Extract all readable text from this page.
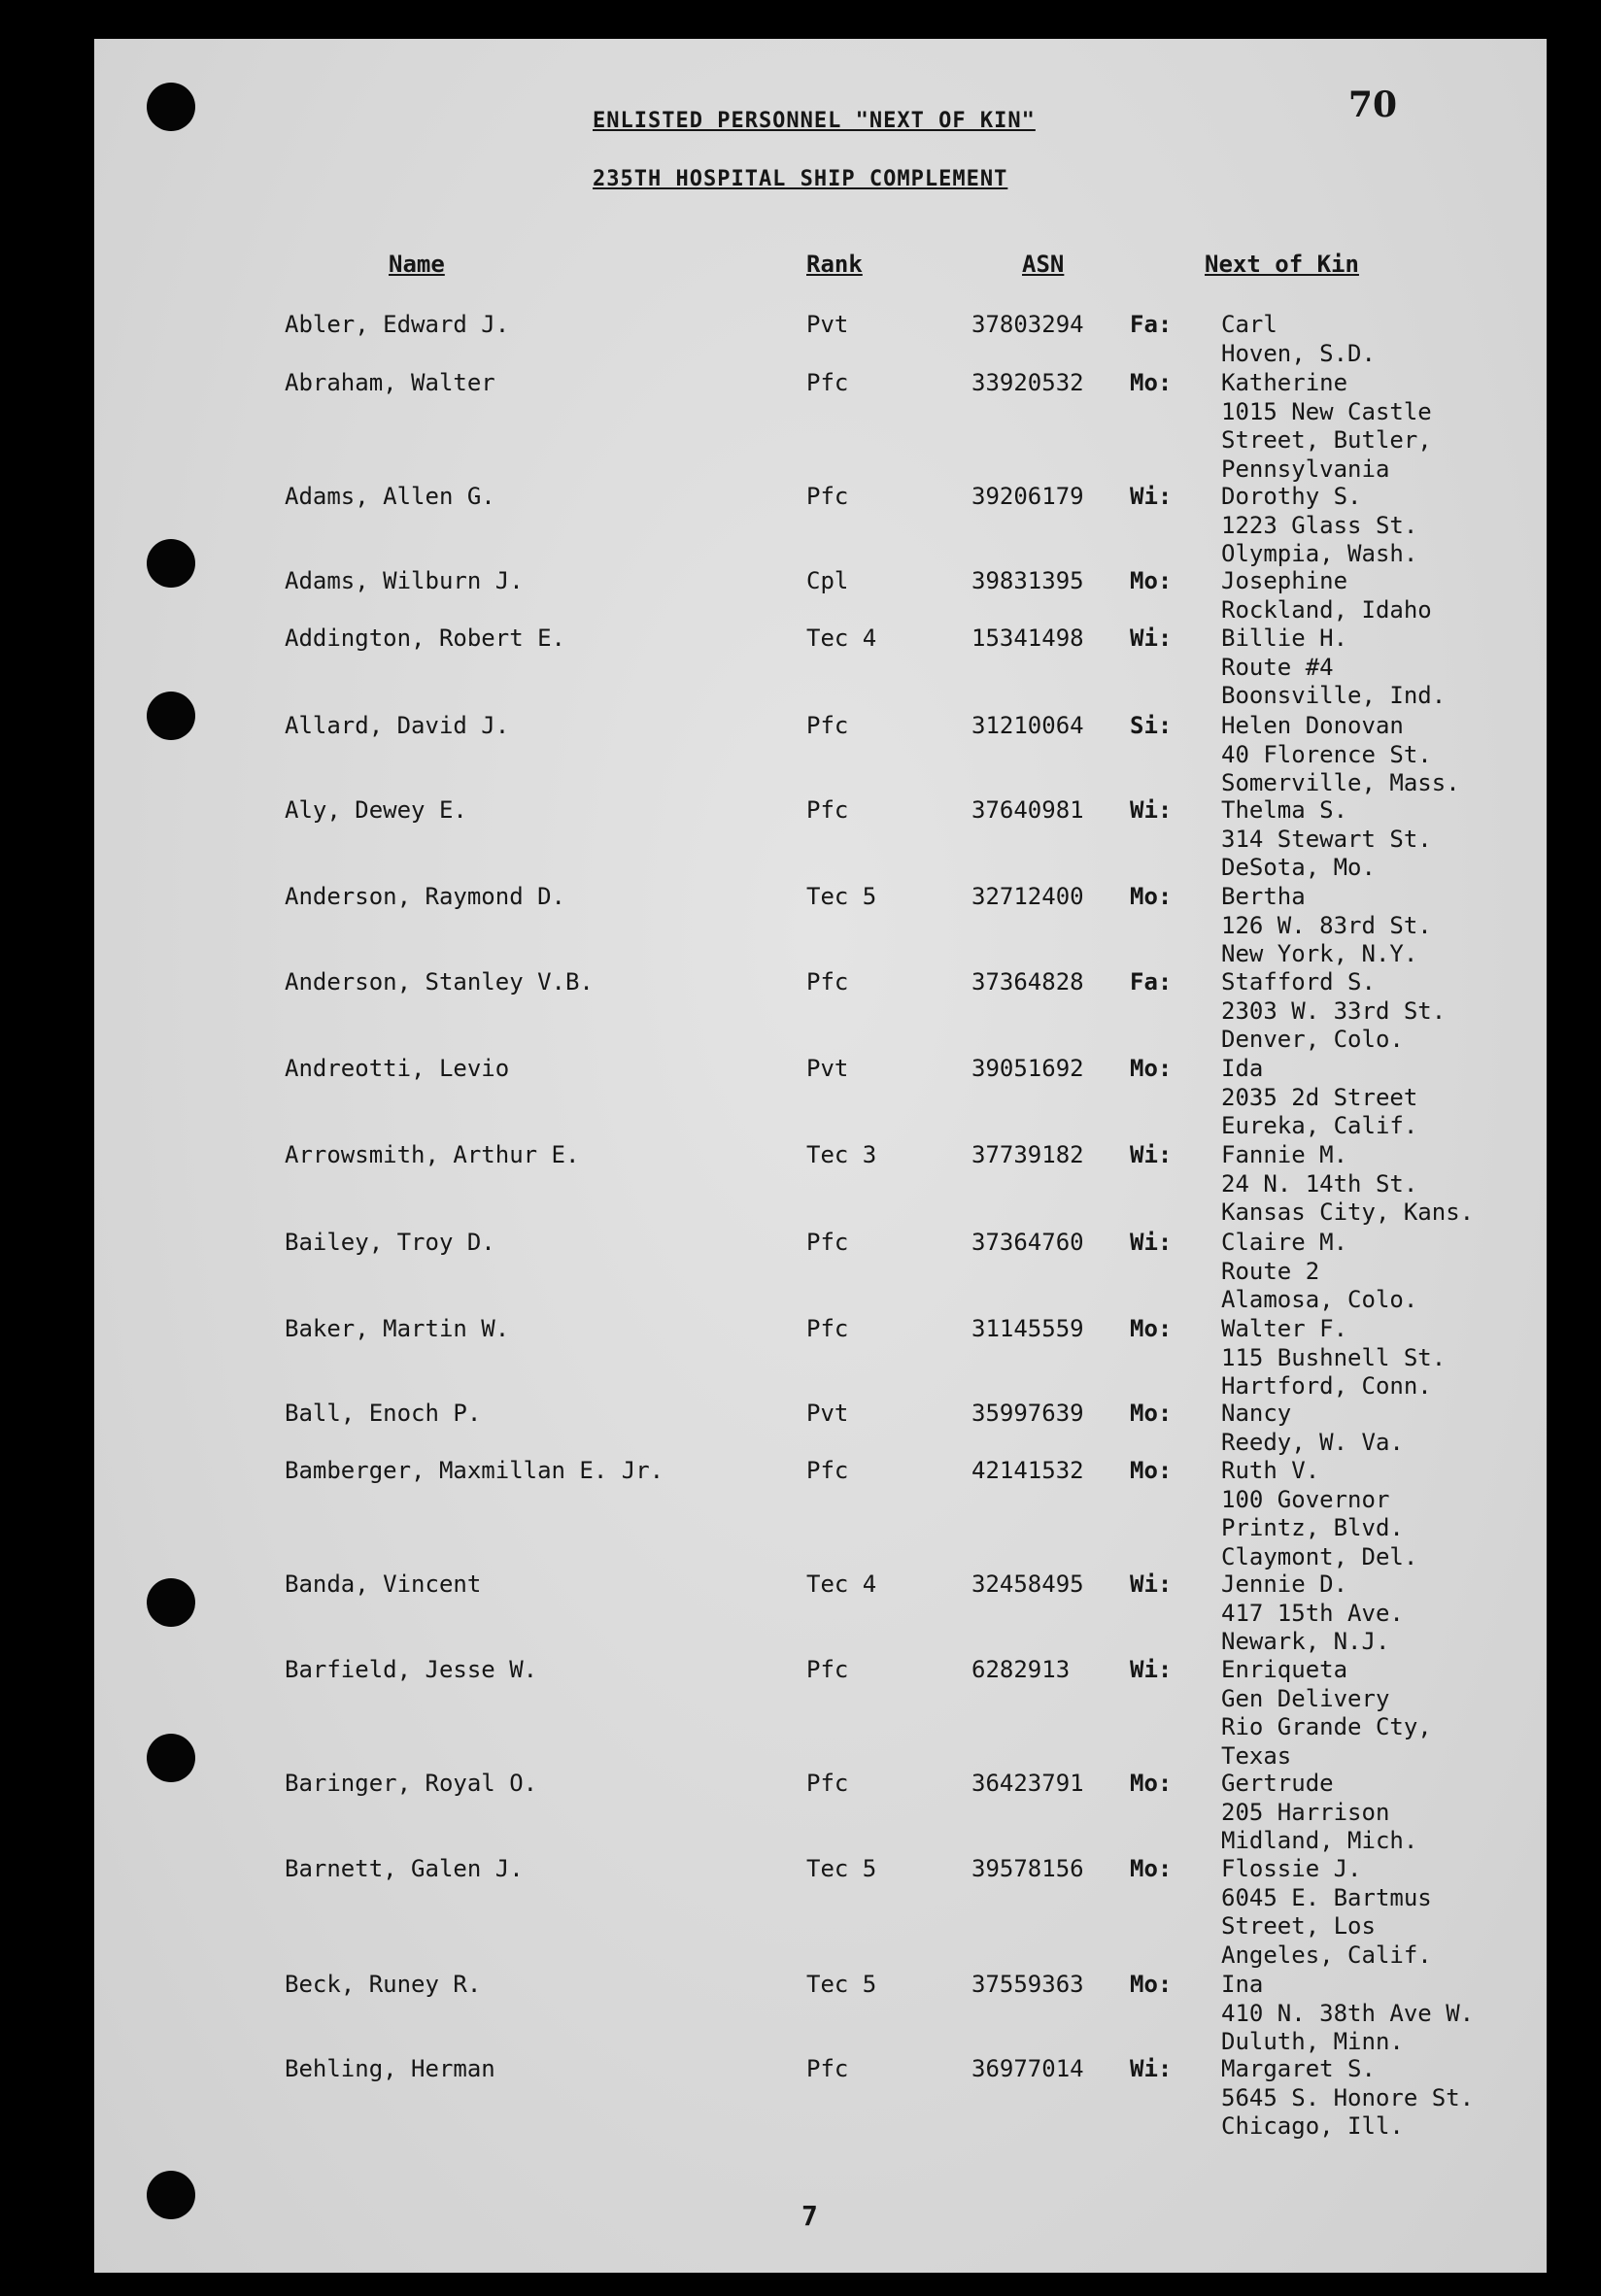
ENLISTED PERSONNEL "NEXT OF KIN"
235TH HOSPITAL SHIP COMPLEMENT
70
Name	Rank	ASN	Next of Kin
Abler, Edward J.	Pvt	37803294 Fa: Carl
Hoven, S.D.
Abraham, Walter	Pfc	33920532 Mo: Katherine
1015 New Castle
Street, Butler,
Pennsylvania
Adams, Allen G.	Pfc	39206179 Wi: Dorothy S.
1223 Glass St.
Olympia, Wash.
Adams, Wilburn J.	Cpl	39831395 Mo: Josephine
Rockland, Idaho
Addington, Robert E.	Tec 4	15341498 Wi: Billie H.
Route #4
Boonsville, Ind.
Allard, David J.	Pfc	31210064 Si: Helen Donovan
40 Florence St.
Somerville, Mass.
Aly, Dewey E.	Pfc	37640981 Wi: Thelma S.
314 Stewart St.
DeSota, Mo.
Anderson, Raymond D.	Tec 5	32712400 Mo: Bertha
126 W. 83rd St.
New York, N.Y.
Anderson, Stanley V.B.	Pfc	37364828 Fa: Stafford S.
2303 W. 33rd St.
Denver, Colo.
Andreotti, Levio	Pvt	39051692 Mo: Ida
2035 2d Street
Eureka, Calif.
Arrowsmith, Arthur E.	Tec 3	37739182 Wi: Fannie M.
24 N. 14th St.
Kansas City, Kans.
Bailey, Troy D.	Pfc	37364760 Wi: Claire M.
Route 2
Alamosa, Colo.
Baker, Martin W.	Pfc	31145559 Mo: Walter F.
115 Bushnell St.
Hartford, Conn.
Ball, Enoch P.	Pvt	35997639 Mo: Nancy
Reedy, W. Va.
Bamberger, Maxmillan E. Jr.	Pfc	42141532 Mo: Ruth V.
100 Governor
Printz, Blvd.
Claymont, Del.
Banda, Vincent	Tec 4	32458495 Wi: Jennie D.
417 15th Ave.
Newark, N.J.
Barfield, Jesse W.	Pfc	6282913	Wi: Enriqueta
Gen Delivery
Rio Grande Cty,
Texas
Baringer, Royal O.	Pfc	36423791 Mo: Gertrude
205 Harrison
Midland, Mich.
Barnett, Galen J.	Tec 5	39578156 Mo: Flossie J.
6045 E. Bartmus
Street, Los
Angeles, Calif.
Beck, Runey R.	Tec 5	37559363 Mo: Ina
410 N. 38th Ave W.
Duluth, Minn.
Behling, Herman	Pfc	36977014 Wi: Margaret S.
5645 S. Honore St.
Chicago, Ill.
7
